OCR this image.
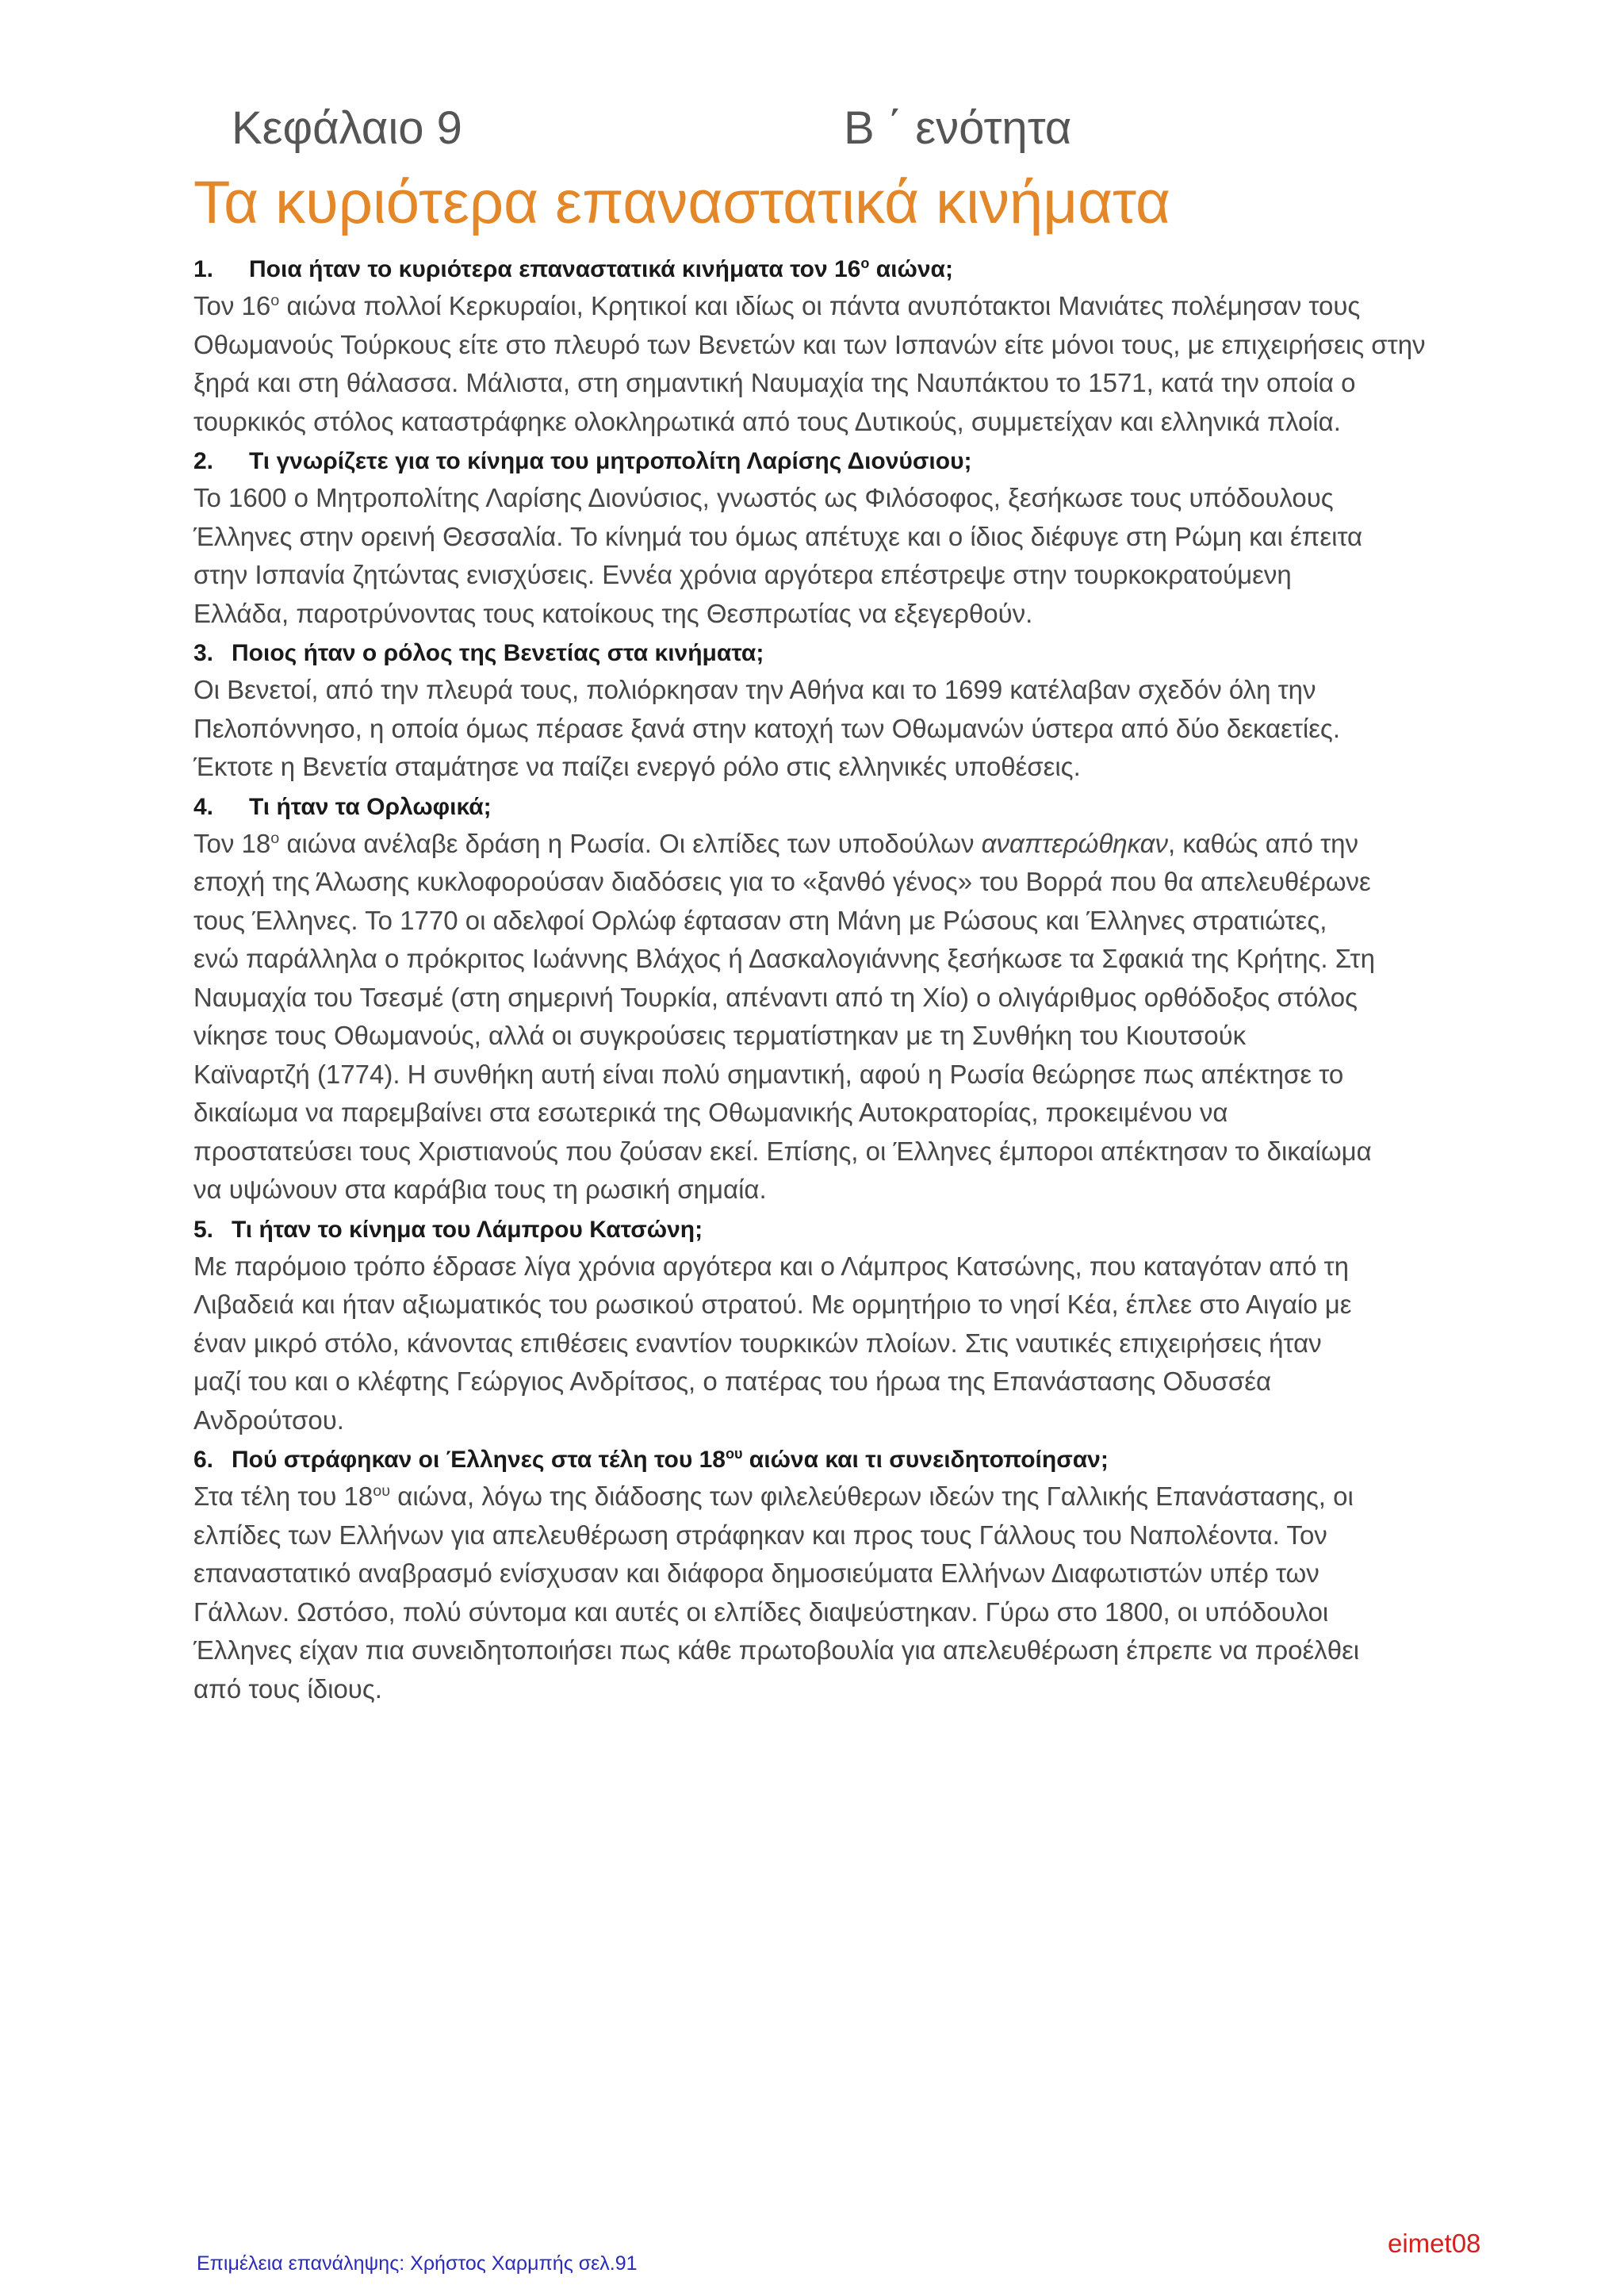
Κεφάλαιο 9	Β ΄ ενότητα
Τα κυριότερα επαναστατικά κινήματα

1. Ποια ήταν το κυριότερα επαναστατικά κινήματα τον $16^o$ αιώνα;

Τον $16^o$ αιώνα πολλοί Κερκυραίοι, Κρητικοί και ιδίως οι πάντα ανυπότακτοι Μανιάτες πολέμησαν τους
Οθωμανούς Τούρκους είτε στο πλευρό των Βενετών και των Ισπανών είτε μόνοι τους, με επιχειρήσεις στην
ξηρά και στη θάλασσα. Μάλιστα, στη σημαντική Ναυμαχία της Ναυπάκτου το 1571, κατά την οποία ο
τουρκικός στόλος καταστράφηκε ολοκληρωτικά από τους Δυτικούς, συμμετείχαν και ελληνικά πλοία.

2. Τι γνωρίζετε για το κίνημα του μητροπολίτη Λαρίσης Διονύσιου;

Το 1600 ο Μητροπολίτης Λαρίσης Διονύσιος, γνωστός ως Φιλόσοφος, ξεσήκωσε τους υπόδουλους
Έλληνες στην ορεινή Θεσσαλία. Το κίνημά του όμως απέτυχε και ο ίδιος διέφυγε στη Ρώμη και έπειτα
στην Ισπανία ζητώντας ενισχύσεις. Εννέα χρόνια αργότερα επέστρεψε στην τουρκοκρατούμενη
Ελλάδα, παροτρύνοντας τους κατοίκους της Θεσπρωτίας να εξεγερθούν.

3. Ποιος ήταν ο ρόλος της Βενετίας στα κινήματα;

Οι Βενετοί, από την πλευρά τους, πολιόρκησαν την Αθήνα και το 1699 κατέλαβαν σχεδόν όλη την
Πελοπόννησο, η οποία όμως πέρασε ξανά στην κατοχή των Οθωμανών ύστερα από δύο δεκαετίες.
Έκτοτε η Βενετία σταμάτησε να παίζει ενεργό ρόλο στις ελληνικές υποθέσεις.

4. Τι ήταν τα Ορλωφικά;

Τον $18^o$ αιώνα ανέλαβε δράση η Ρωσία. Οι ελπίδες των υποδούλων αναπτερώθηκαν, καθώς από την
εποχή της Άλωσης κυκλοφορούσαν διαδόσεις για το «ξανθό γένος» του Βορρά που θα απελευθέρωνε
τους Έλληνες. Το 1770 οι αδελφοί Ορλώφ έφτασαν στη Μάνη με Ρώσους και Έλληνες στρατιώτες,
ενώ παράλληλα ο πρόκριτος Ιωάννης Βλάχος ή Δασκαλογιάννης ξεσήκωσε τα Σφακιά της Κρήτης. Στη
Ναυμαχία του Τσεσμέ (στη σημερινή Τουρκία, απέναντι από τη Χίο) ο ολιγάριθμος ορθόδοξος στόλος
νίκησε τους Οθωμανούς, αλλά οι συγκρούσεις τερματίστηκαν με τη Συνθήκη του Κιουτσούκ
Καϊναρτζή (1774). Η συνθήκη αυτή είναι πολύ σημαντική, αφού η Ρωσία θεώρησε πως απέκτησε το
δικαίωμα να παρεμβαίνει στα εσωτερικά της Οθωμανικής Αυτοκρατορίας, προκειμένου να
προστατεύσει τους Χριστιανούς που ζούσαν εκεί. Επίσης, οι Έλληνες έμποροι απέκτησαν το δικαίωμα
να υψώνουν στα καράβια τους τη ρωσική σημαία.

5. Τι ήταν το κίνημα του Λάμπρου Κατσώνη;

Με παρόμοιο τρόπο έδρασε λίγα χρόνια αργότερα και ο Λάμπρος Κατσώνης, που καταγόταν από τη
Λιβαδειά και ήταν αξιωματικός του ρωσικού στρατού. Με ορμητήριο το νησί Κέα, έπλεε στο Αιγαίο με
έναν μικρό στόλο, κάνοντας επιθέσεις εναντίον τουρκικών πλοίων. Στις ναυτικές επιχειρήσεις ήταν
μαζί του και ο κλέφτης Γεώργιος Ανδρίτσος, ο πατέρας του ήρωα της Επανάστασης Οδυσσέα
Ανδρούτσου.

6. Πού στράφηκαν οι Έλληνες στα τέλη του $18^{o\upsilon}$ αιώνα και τι συνειδητοποίησαν;

Στα τέλη του $18^{o\upsilon}$ αιώνα, λόγω της διάδοσης των φιλελεύθερων ιδεών της Γαλλικής Επανάστασης, οι
ελπίδες των Ελλήνων για απελευθέρωση στράφηκαν και προς τους Γάλλους του Ναπολέοντα. Τον
επαναστατικό αναβρασμό ενίσχυσαν και διάφορα δημοσιεύματα Ελλήνων Διαφωτιστών υπέρ των
Γάλλων. Ωστόσο, πολύ σύντομα και αυτές οι ελπίδες διαψεύστηκαν. Γύρω στο 1800, οι υπόδουλοι
Έλληνες είχαν πια συνειδητοποιήσει πως κάθε πρωτοβουλία για απελευθέρωση έπρεπε να προέλθει
από τους ίδιους.
Επιμέλεια επανάληψης: Χρήστος Χαρμπής σελ.91
eimet08
